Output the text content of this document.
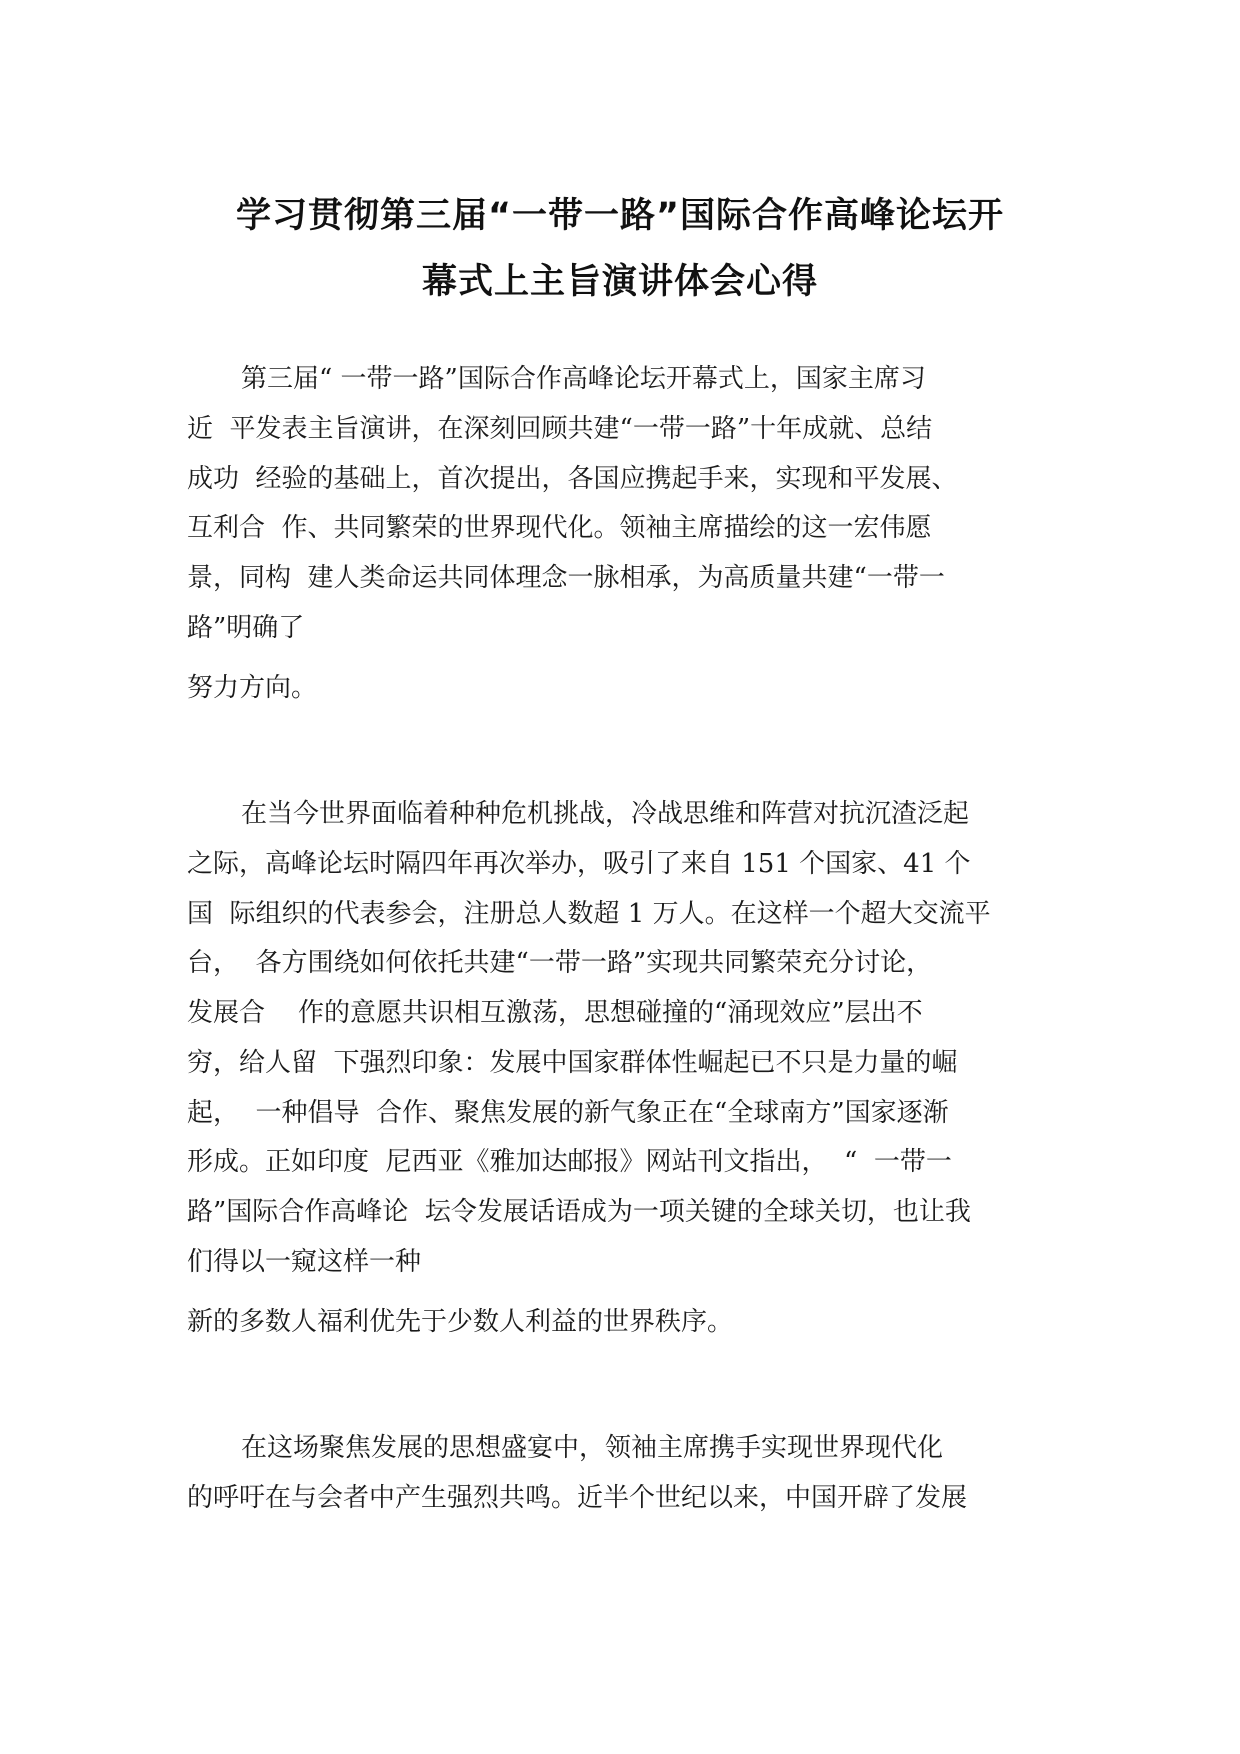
学习贯彻第三届“一带一路”国际合作高峰论坛开
幕式上主旨演讲体会心得
第三届“ 一带一路”国际合作高峰论坛开幕式上，国家主席习
近  平发表主旨演讲，在深刻回顾共建“一带一路”十年成就、总结
成功  经验的基础上，首次提出，各国应携起手来，实现和平发展、
互利合  作、共同繁荣的世界现代化。领袖主席描绘的这一宏伟愿
景，同构  建人类命运共同体理念一脉相承，为高质量共建“一带一
路”明确了
努力方向。
在当今世界面临着种种危机挑战，冷战思维和阵营对抗沉渣泛起
之际，高峰论坛时隔四年再次举办，吸引了来自 151 个国家、41 个
国  际组织的代表参会，注册总人数超 1 万人。在这样一个超大交流平
台，  各方围绕如何依托共建“一带一路”实现共同繁荣充分讨论，
发展合    作的意愿共识相互激荡，思想碰撞的“涌现效应”层出不
穷，给人留  下强烈印象：发展中国家群体性崛起已不只是力量的崛
起，  一种倡导  合作、聚焦发展的新气象正在“全球南方”国家逐渐
形成。正如印度  尼西亚《雅加达邮报》网站刊文指出，  “  一带一
路”国际合作高峰论  坛令发展话语成为一项关键的全球关切，也让我
们得以一窥这样一种
新的多数人福利优先于少数人利益的世界秩序。
在这场聚焦发展的思想盛宴中，领袖主席携手实现世界现代化
的呼吁在与会者中产生强烈共鸣。近半个世纪以来，中国开辟了发展
